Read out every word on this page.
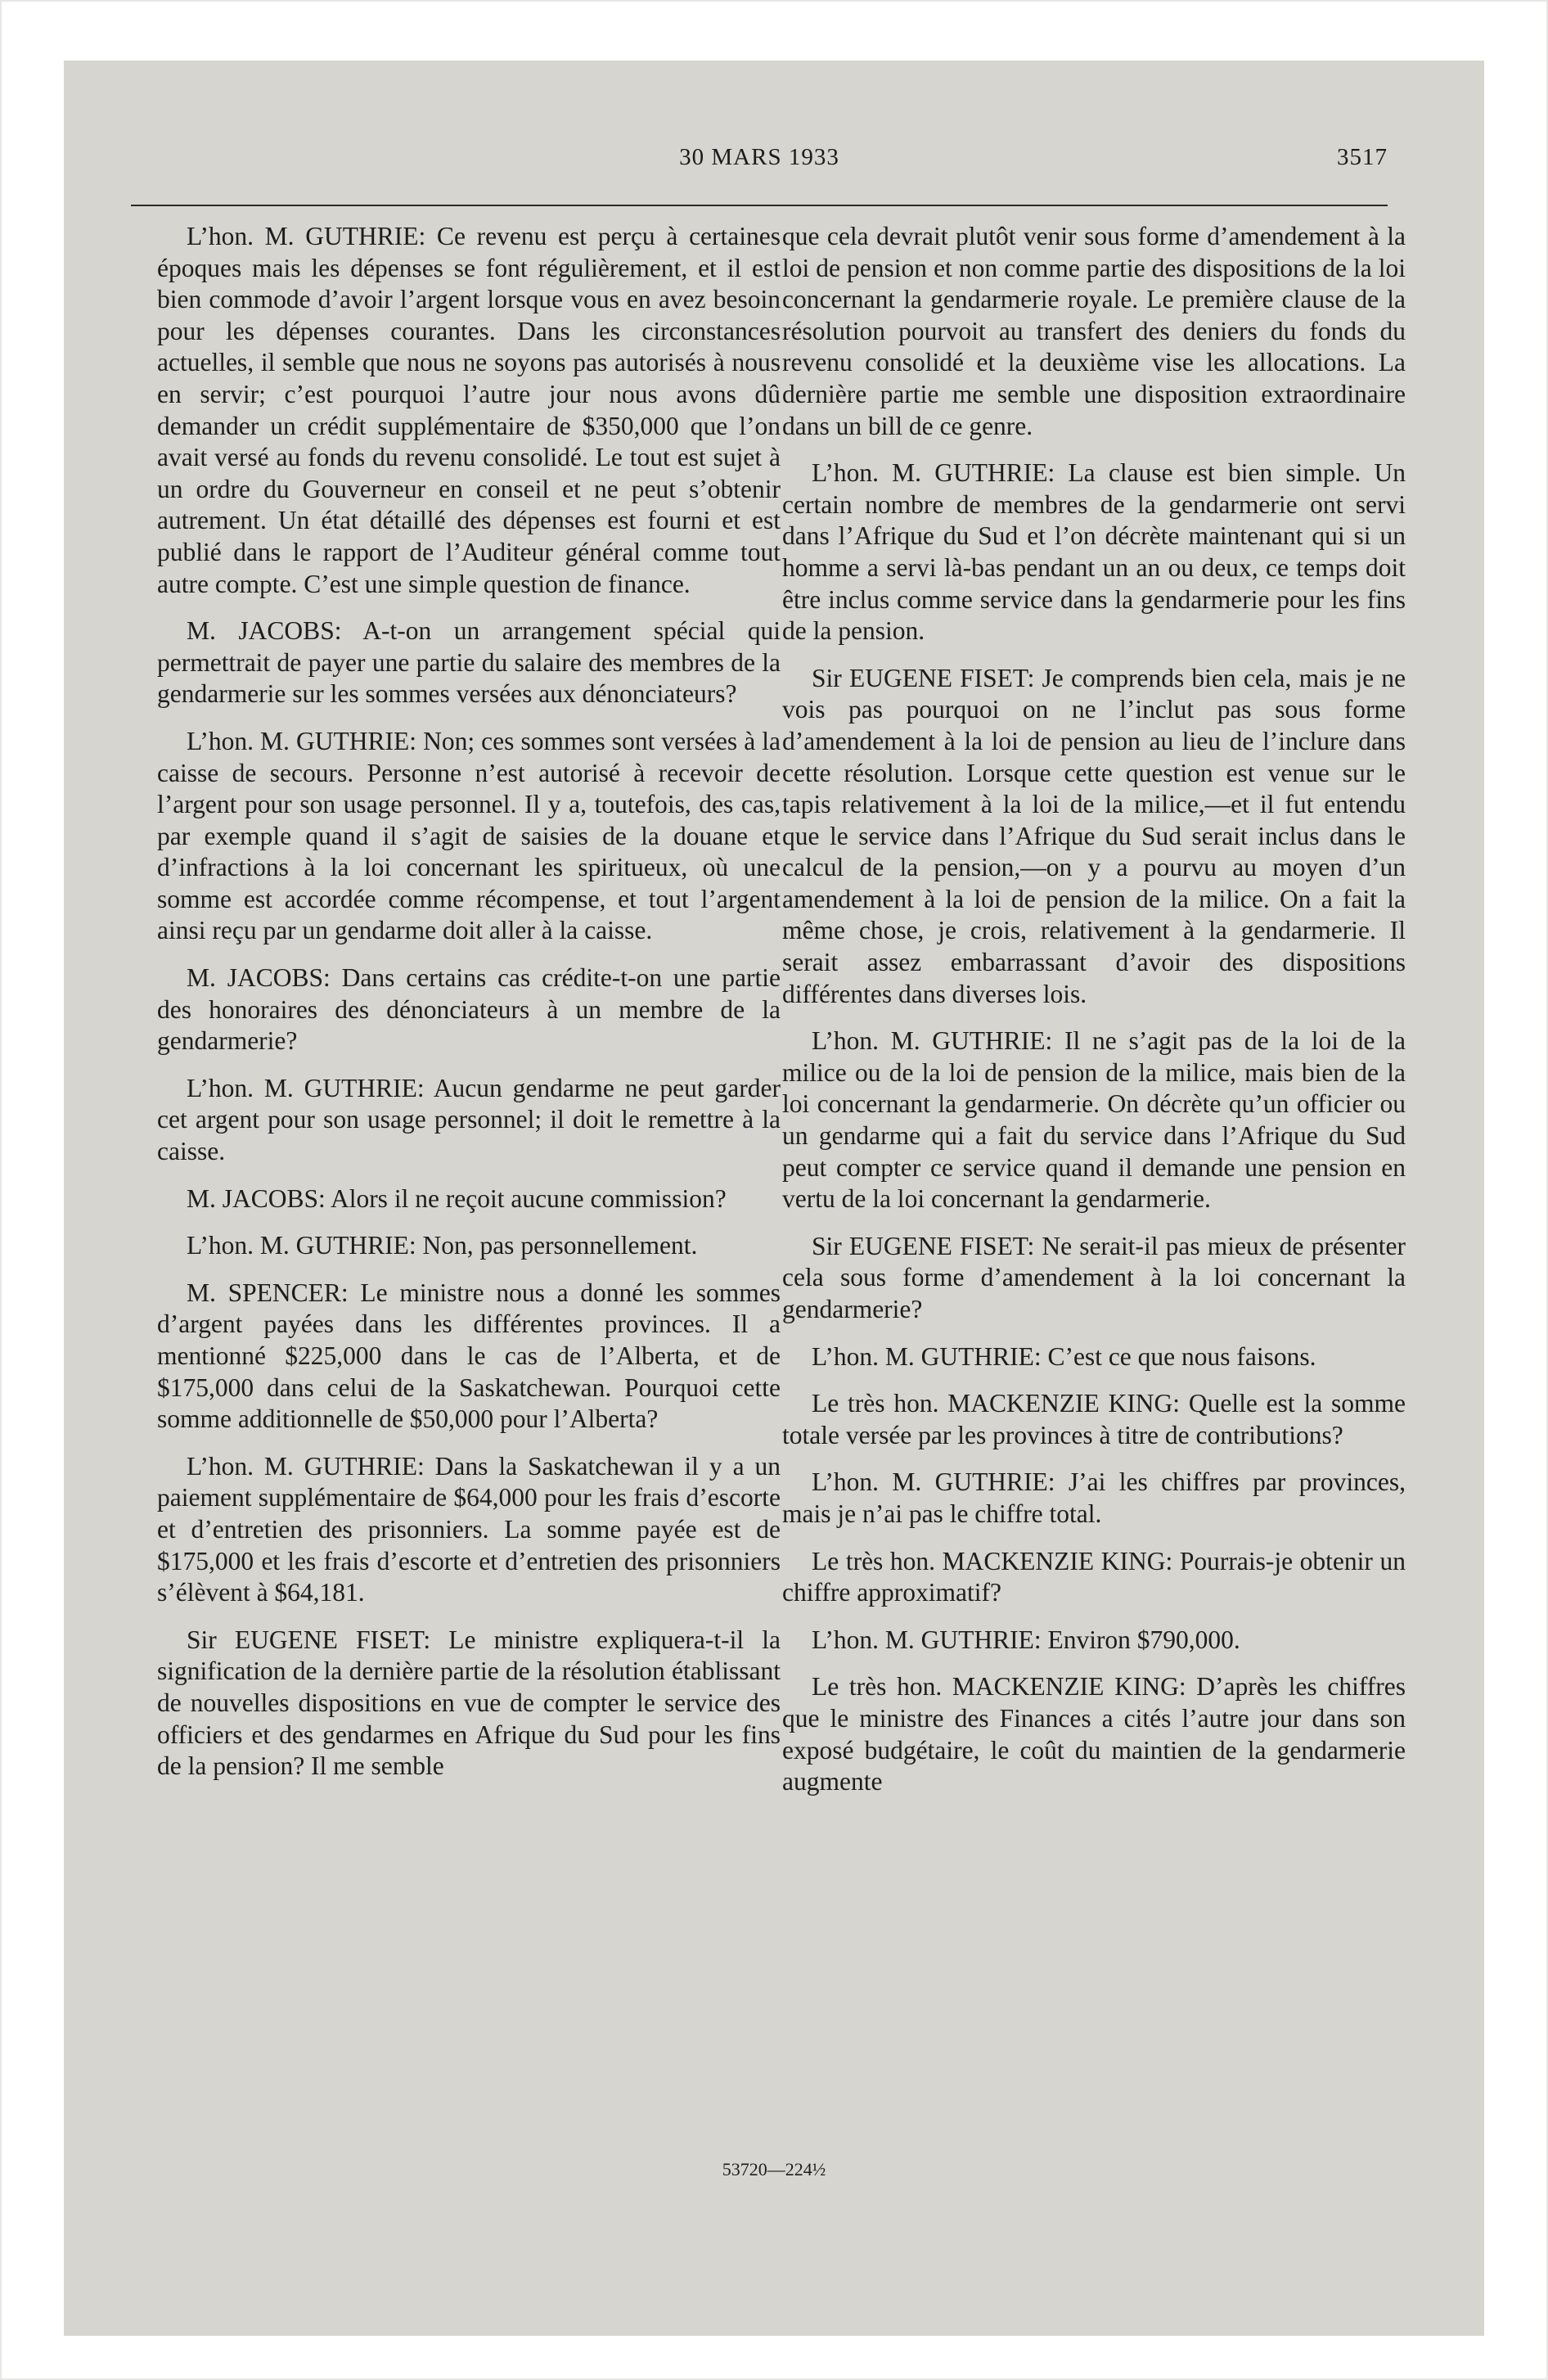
30 MARS 1933	3517

L’hon. M. GUTHRIE: Ce revenu est perçu à certaines époques mais les dépenses se font régulièrement, et il est bien commode d’avoir l’argent lorsque vous en avez besoin pour les dépenses courantes. Dans les circonstances actuelles, il semble que nous ne soyons pas autorisés à nous en servir; c’est pourquoi l’autre jour nous avons dû demander un crédit supplémentaire de $350,000 que l’on avait versé au fonds du revenu consolidé. Le tout est sujet à un ordre du Gouverneur en conseil et ne peut s’obtenir autrement. Un état détaillé des dépenses est fourni et est publié dans le rapport de l’Auditeur général comme tout autre compte. C’est une simple question de finance.

M. JACOBS: A-t-on un arrangement spécial qui permettrait de payer une partie du salaire des membres de la gendarmerie sur les sommes versées aux dénonciateurs?

L’hon. M. GUTHRIE: Non; ces sommes sont versées à la caisse de secours. Personne n’est autorisé à recevoir de l’argent pour son usage personnel. Il y a, toutefois, des cas, par exemple quand il s’agit de saisies de la douane et d’infractions à la loi concernant les spiritueux, où une somme est accordée comme récompense, et tout l’argent ainsi reçu par un gendarme doit aller à la caisse.

M. JACOBS: Dans certains cas crédite-t-on une partie des honoraires des dénonciateurs à un membre de la gendarmerie?

L’hon. M. GUTHRIE: Aucun gendarme ne peut garder cet argent pour son usage personnel; il doit le remettre à la caisse.

M. JACOBS: Alors il ne reçoit aucune commission?

L’hon. M. GUTHRIE: Non, pas personnellement.

M. SPENCER: Le ministre nous a donné les sommes d’argent payées dans les différentes provinces. Il a mentionné $225,000 dans le cas de l’Alberta, et de $175,000 dans celui de la Saskatchewan. Pourquoi cette somme additionnelle de $50,000 pour l’Alberta?

L’hon. M. GUTHRIE: Dans la Saskatchewan il y a un paiement supplémentaire de $64,000 pour les frais d’escorte et d’entretien des prisonniers. La somme payée est de $175,000 et les frais d’escorte et d’entretien des prisonniers s’élèvent à $64,181.

Sir EUGENE FISET: Le ministre expliquera-t-il la signification de la dernière partie de la résolution établissant de nouvelles dispositions en vue de compter le service des officiers et des gendarmes en Afrique du Sud pour les fins de la pension? Il me semble

que cela devrait plutôt venir sous forme d’amendement à la loi de pension et non comme partie des dispositions de la loi concernant la gendarmerie royale. Le première clause de la résolution pourvoit au transfert des deniers du fonds du revenu consolidé et la deuxième vise les allocations. La dernière partie me semble une disposition extraordinaire dans un bill de ce genre.

L’hon. M. GUTHRIE: La clause est bien simple. Un certain nombre de membres de la gendarmerie ont servi dans l’Afrique du Sud et l’on décrète maintenant qui si un homme a servi là-bas pendant un an ou deux, ce temps doit être inclus comme service dans la gendarmerie pour les fins de la pension.

Sir EUGENE FISET: Je comprends bien cela, mais je ne vois pas pourquoi on ne l’inclut pas sous forme d’amendement à la loi de pension au lieu de l’inclure dans cette résolution. Lorsque cette question est venue sur le tapis relativement à la loi de la milice,—et il fut entendu que le service dans l’Afrique du Sud serait inclus dans le calcul de la pension,—on y a pourvu au moyen d’un amendement à la loi de pension de la milice. On a fait la même chose, je crois, relativement à la gendarmerie. Il serait assez embarrassant d’avoir des dispositions différentes dans diverses lois.

L’hon. M. GUTHRIE: Il ne s’agit pas de la loi de la milice ou de la loi de pension de la milice, mais bien de la loi concernant la gendarmerie. On décrète qu’un officier ou un gendarme qui a fait du service dans l’Afrique du Sud peut compter ce service quand il demande une pension en vertu de la loi concernant la gendarmerie.

Sir EUGENE FISET: Ne serait-il pas mieux de présenter cela sous forme d’amendement à la loi concernant la gendarmerie?

L’hon. M. GUTHRIE: C’est ce que nous faisons.

Le très hon. MACKENZIE KING: Quelle est la somme totale versée par les provinces à titre de contributions?

L’hon. M. GUTHRIE: J’ai les chiffres par provinces, mais je n’ai pas le chiffre total.

Le très hon. MACKENZIE KING: Pourrais-je obtenir un chiffre approximatif?

L’hon. M. GUTHRIE: Environ $790,000.

Le très hon. MACKENZIE KING: D’après les chiffres que le ministre des Finances a cités l’autre jour dans son exposé budgétaire, le coût du maintien de la gendarmerie augmente

53720—224½
